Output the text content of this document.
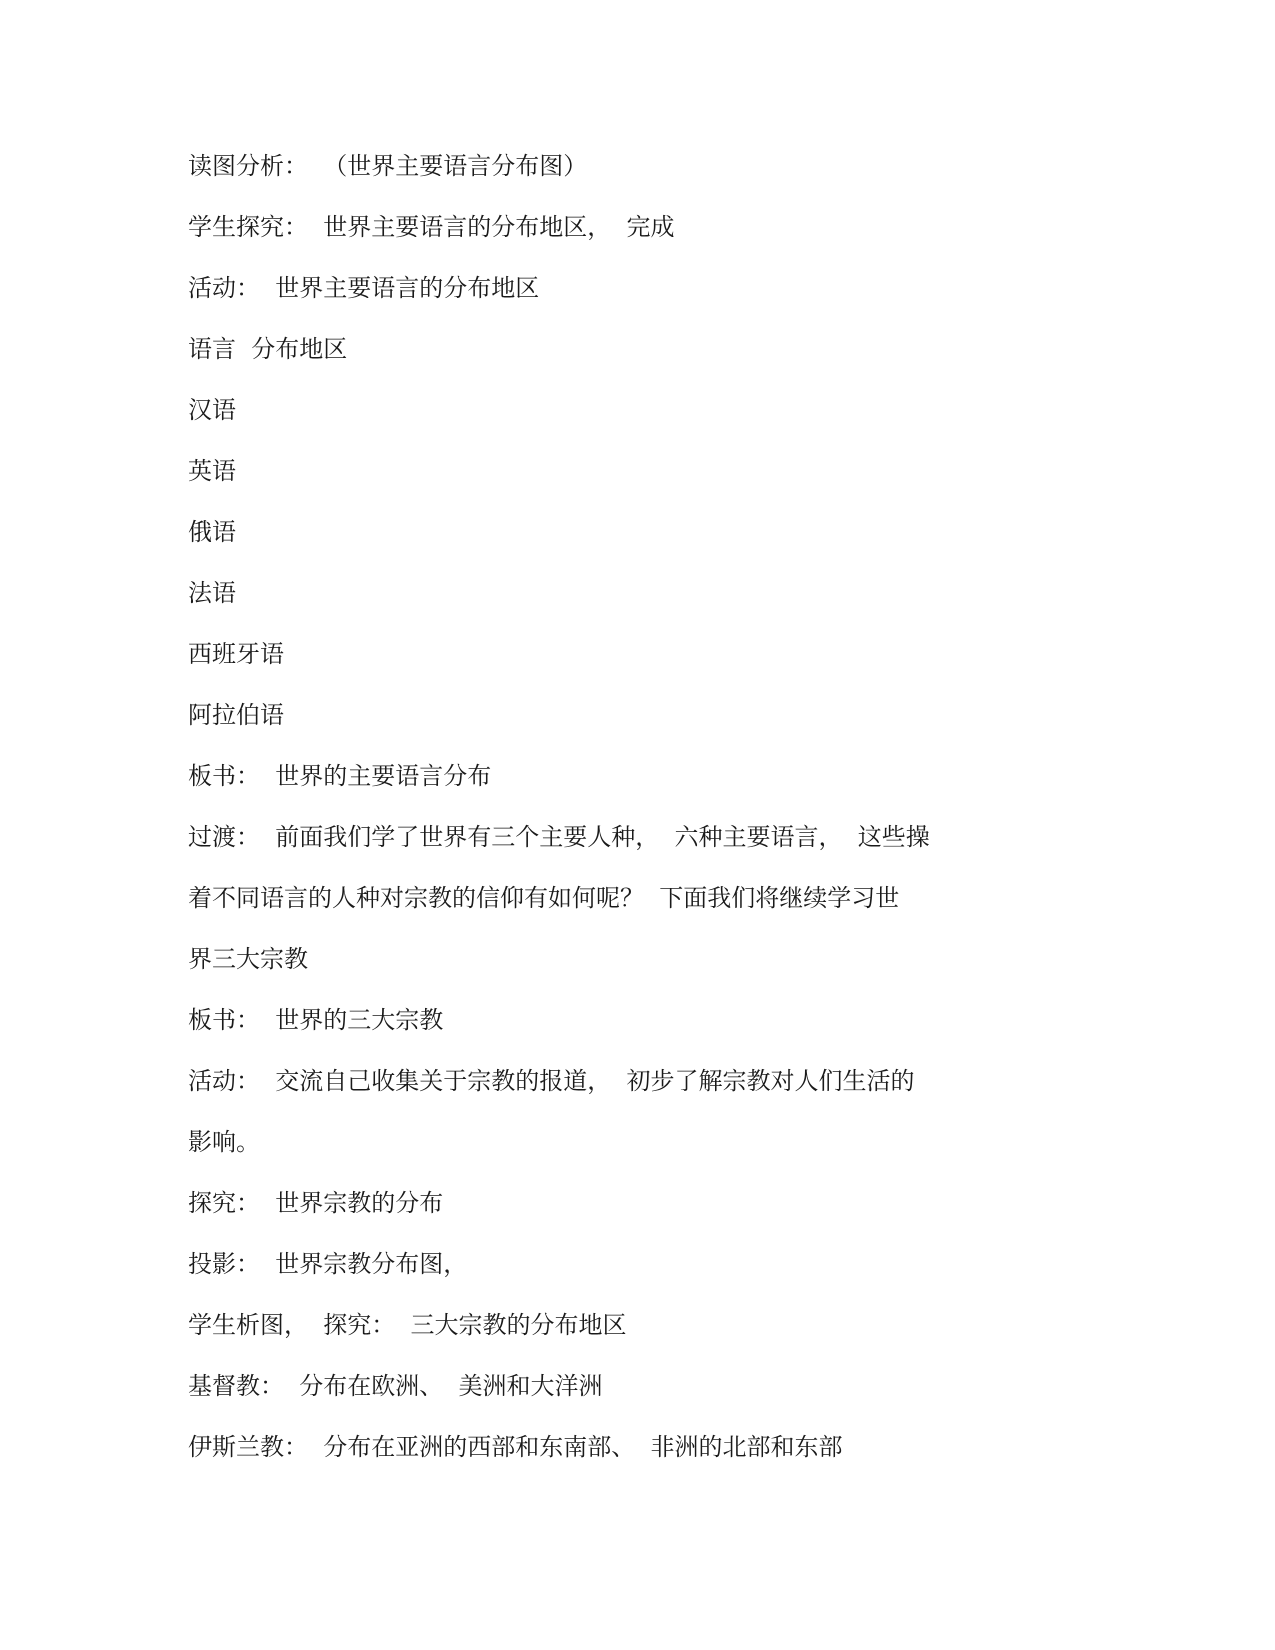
读图分析：  （世界主要语言分布图）

学生探究：  世界主要语言的分布地区，  完成

活动：  世界主要语言的分布地区

语言  分布地区

汉语

英语

俄语

法语

西班牙语

阿拉伯语

板书：  世界的主要语言分布

过渡：  前面我们学了世界有三个主要人种，  六种主要语言，  这些操

着不同语言的人种对宗教的信仰有如何呢？  下面我们将继续学习世

界三大宗教

板书：  世界的三大宗教

活动：  交流自己收集关于宗教的报道，  初步了解宗教对人们生活的

影响。

探究：  世界宗教的分布

投影：  世界宗教分布图，

学生析图，  探究：  三大宗教的分布地区

基督教：  分布在欧洲、  美洲和大洋洲

伊斯兰教：  分布在亚洲的西部和东南部、  非洲的北部和东部
